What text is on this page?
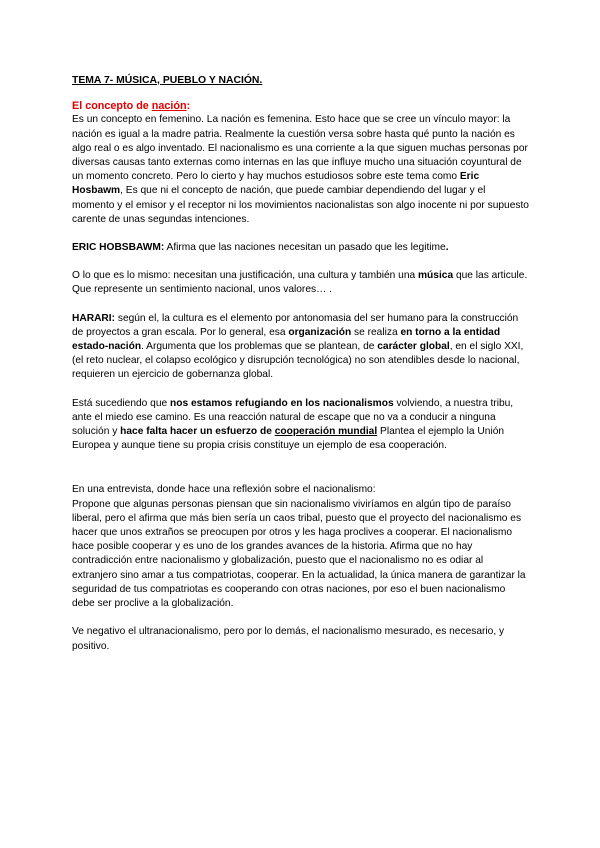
TEMA 7- MÚSICA, PUEBLO Y NACIÓN.
El concepto de nación:

Es un concepto en femenino. La nación es femenina. Esto hace que se cree un vínculo mayor: la nación es igual a la madre patria. Realmente la cuestión versa sobre hasta qué punto la nación es algo real o es algo inventado. El nacionalismo es una corriente a la que siguen muchas personas por diversas causas tanto externas como internas en las que influye mucho una situación coyuntural de un momento concreto. Pero lo cierto y hay muchos estudiosos sobre este tema como Eric Hosbawm, Es que ni el concepto de nación, que puede cambiar dependiendo del lugar y el momento y el emisor y el receptor ni los movimientos nacionalistas son algo inocente ni por supuesto carente de unas segundas intenciones.

ERIC HOBSBAWM: Afirma que las naciones necesitan un pasado que les legitime.

O lo que es lo mismo: necesitan una justificación, una cultura y también una música que las articule. Que represente un sentimiento nacional, unos valores… .

HARARI: según el, la cultura es el elemento por antonomasia del ser humano para la construcción de proyectos a gran escala. Por lo general, esa organización se realiza en torno a la entidad estado-nación. Argumenta que los problemas que se plantean, de carácter global, en el siglo XXI, (el reto nuclear, el colapso ecológico y disrupción tecnológica) no son atendibles desde lo nacional, requieren un ejercicio de gobernanza global.

Está sucediendo que nos estamos refugiando en los nacionalismos volviendo, a nuestra tribu, ante el miedo ese camino. Es una reacción natural de escape que no va a conducir a ninguna solución y hace falta hacer un esfuerzo de cooperación mundial Plantea el ejemplo la Unión Europea y aunque tiene su propia crisis constituye un ejemplo de esa cooperación.

En una entrevista, donde hace una reflexión sobre el nacionalismo:
Propone que algunas personas piensan que sin nacionalismo viviríamos en algún tipo de paraíso liberal, pero el afirma que más bien sería un caos tribal, puesto que el proyecto del nacionalismo es hacer que unos extraños se preocupen por otros y les haga proclives a cooperar. El nacionalismo hace posible cooperar y es uno de los grandes avances de la historia. Afirma que no hay contradicción entre nacionalismo y globalización, puesto que el nacionalismo no es odiar al extranjero sino amar a tus compatriotas, cooperar. En la actualidad, la única manera de garantizar la seguridad de tus compatriotas es cooperando con otras naciones, por eso el buen nacionalismo debe ser proclive a la globalización.

Ve negativo el ultranacionalismo, pero por lo demás, el nacionalismo mesurado, es necesario, y positivo.
